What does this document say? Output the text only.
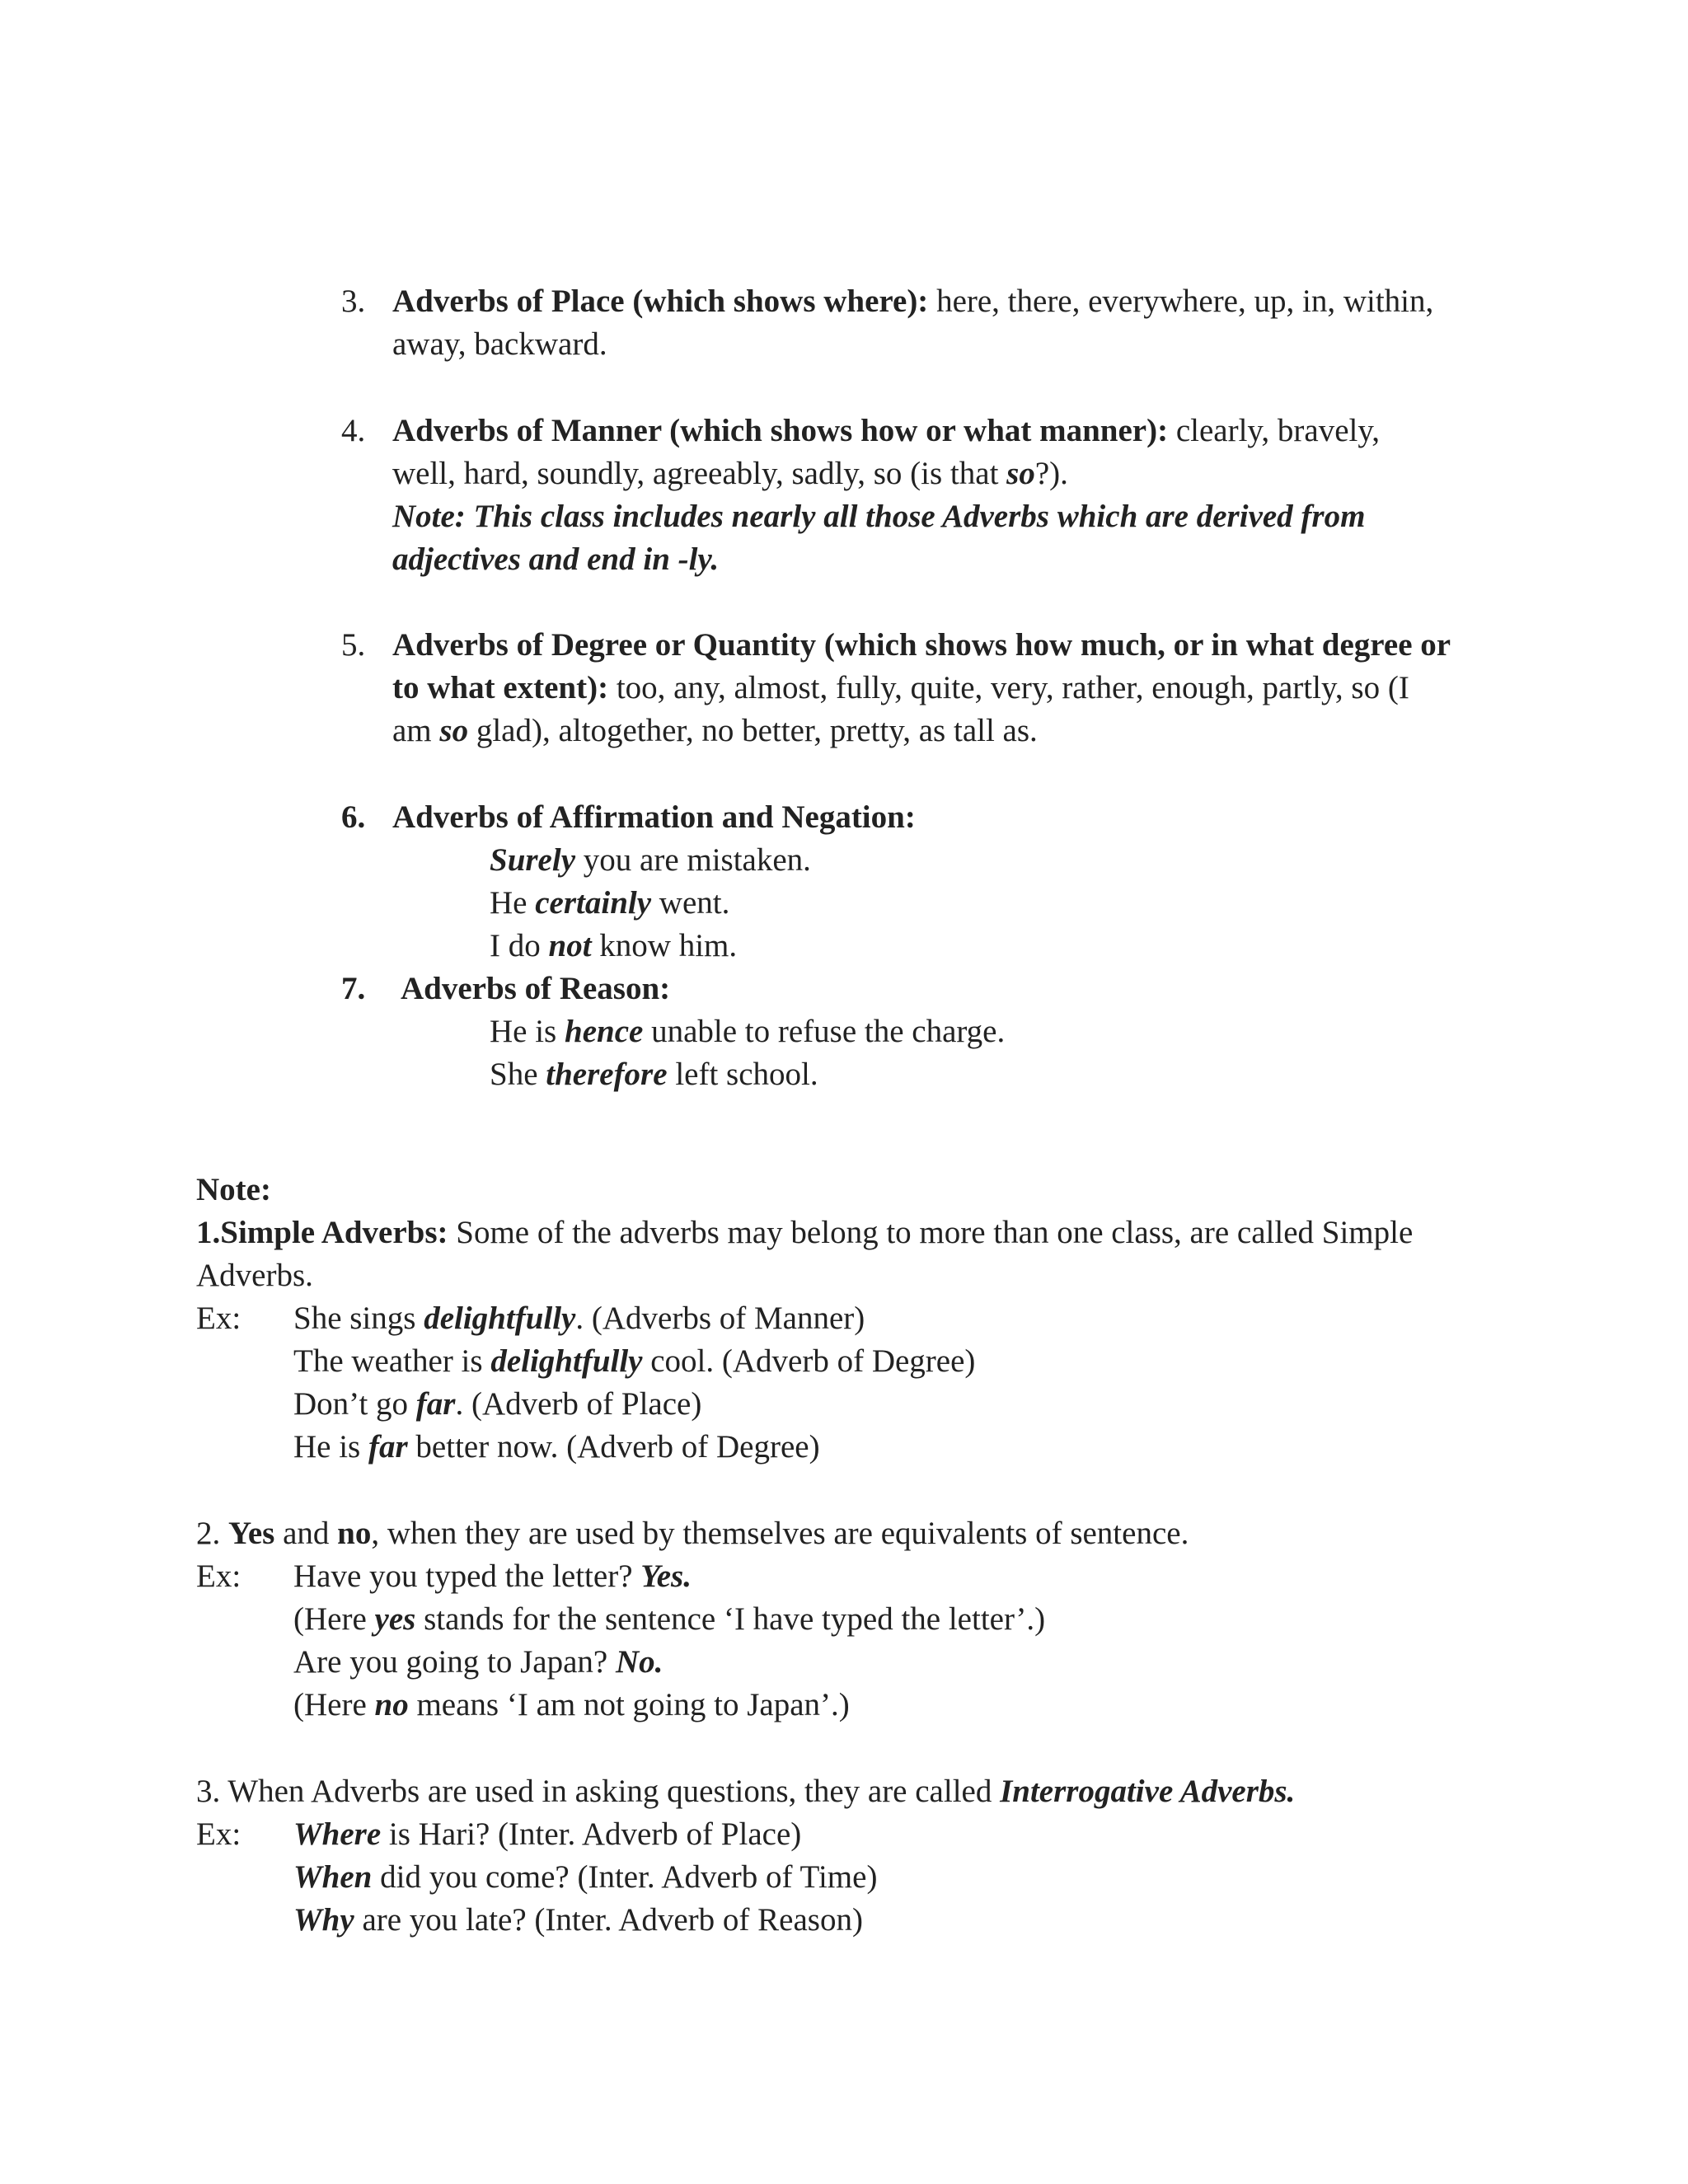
3. Adverbs of Place (which shows where): here, there, everywhere, up, in, within,
away, backward.
4. Adverbs of Manner (which shows how or what manner): clearly, bravely,
well, hard, soundly, agreeably, sadly, so (is that so?).
Note: This class includes nearly all those Adverbs which are derived from
adjectives and end in -ly.
5. Adverbs of Degree or Quantity (which shows how much, or in what degree or
to what extent): too, any, almost, fully, quite, very, rather, enough, partly, so (I
am so glad), altogether, no better, pretty, as tall as.
6. Adverbs of Affirmation and Negation:
Surely you are mistaken.
He certainly went.
I do not know him.
7. Adverbs of Reason:
He is hence unable to refuse the charge.
She therefore left school.
Note:
1.Simple Adverbs: Some of the adverbs may belong to more than one class, are called Simple
Adverbs.
Ex: She sings delightfully. (Adverbs of Manner)
The weather is delightfully cool. (Adverb of Degree)
Don’t go far. (Adverb of Place)
He is far better now. (Adverb of Degree)
2. Yes and no, when they are used by themselves are equivalents of sentence.
Ex: Have you typed the letter? Yes.
(Here yes stands for the sentence ‘I have typed the letter’.)
Are you going to Japan? No.
(Here no means ‘I am not going to Japan’.)
3. When Adverbs are used in asking questions, they are called Interrogative Adverbs.
Ex: Where is Hari? (Inter. Adverb of Place)
When did you come? (Inter. Adverb of Time)
Why are you late? (Inter. Adverb of Reason)
